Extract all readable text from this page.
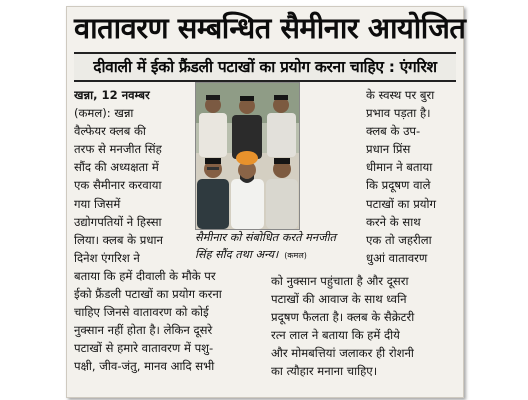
वातावरण सम्बन्धित सैमीनार आयोजित
दीवाली में ईको फ्रैंडली पटाखों का प्रयोग करना चाहिए : एंगरिश
खन्ना, 12 नवम्बर
(कमल): खन्ना
वैल्फेयर क्लब की
तरफ से मनजीत सिंह
सौंद की अध्यक्षता में
एक सैमीनार करवाया
गया जिसमें
उद्योगपतियों ने हिस्सा
लिया। क्लब के प्रधान
दिनेश एंगरिश ने
बताया कि हमें दीवाली के मौके पर
ईको फ्रैंडली पटाखों का प्रयोग करना
चाहिए जिनसे वातावरण को कोई
नुक्सान नहीं होता है। लेकिन दूसरे
पटाखों से हमारे वातावरण में पशु-
पक्षी, जीव-जंतु, मानव आदि सभी
के स्वस्थ पर बुरा
प्रभाव पड़ता है।
क्लब के उप-
प्रधान प्रिंस
धीमान ने बताया
कि प्रदूषण वाले
पटाखों का प्रयोग
करने के साथ
एक तो जहरीला
धुआं वातावरण
सैमीनार को संबोधित करते मनजीत
सिंह सौंद तथा अन्य। (कमल)
को नुक्सान पहुंचाता है और दूसरा
पटाखों की आवाज के साथ ध्वनि
प्रदूषण फैलता है। क्लब के सैक्रेटरी
रत्न लाल ने बताया कि हमें दीये
और मोमबत्तियां जलाकर ही रोशनी
का त्यौहार मनाना चाहिए।
